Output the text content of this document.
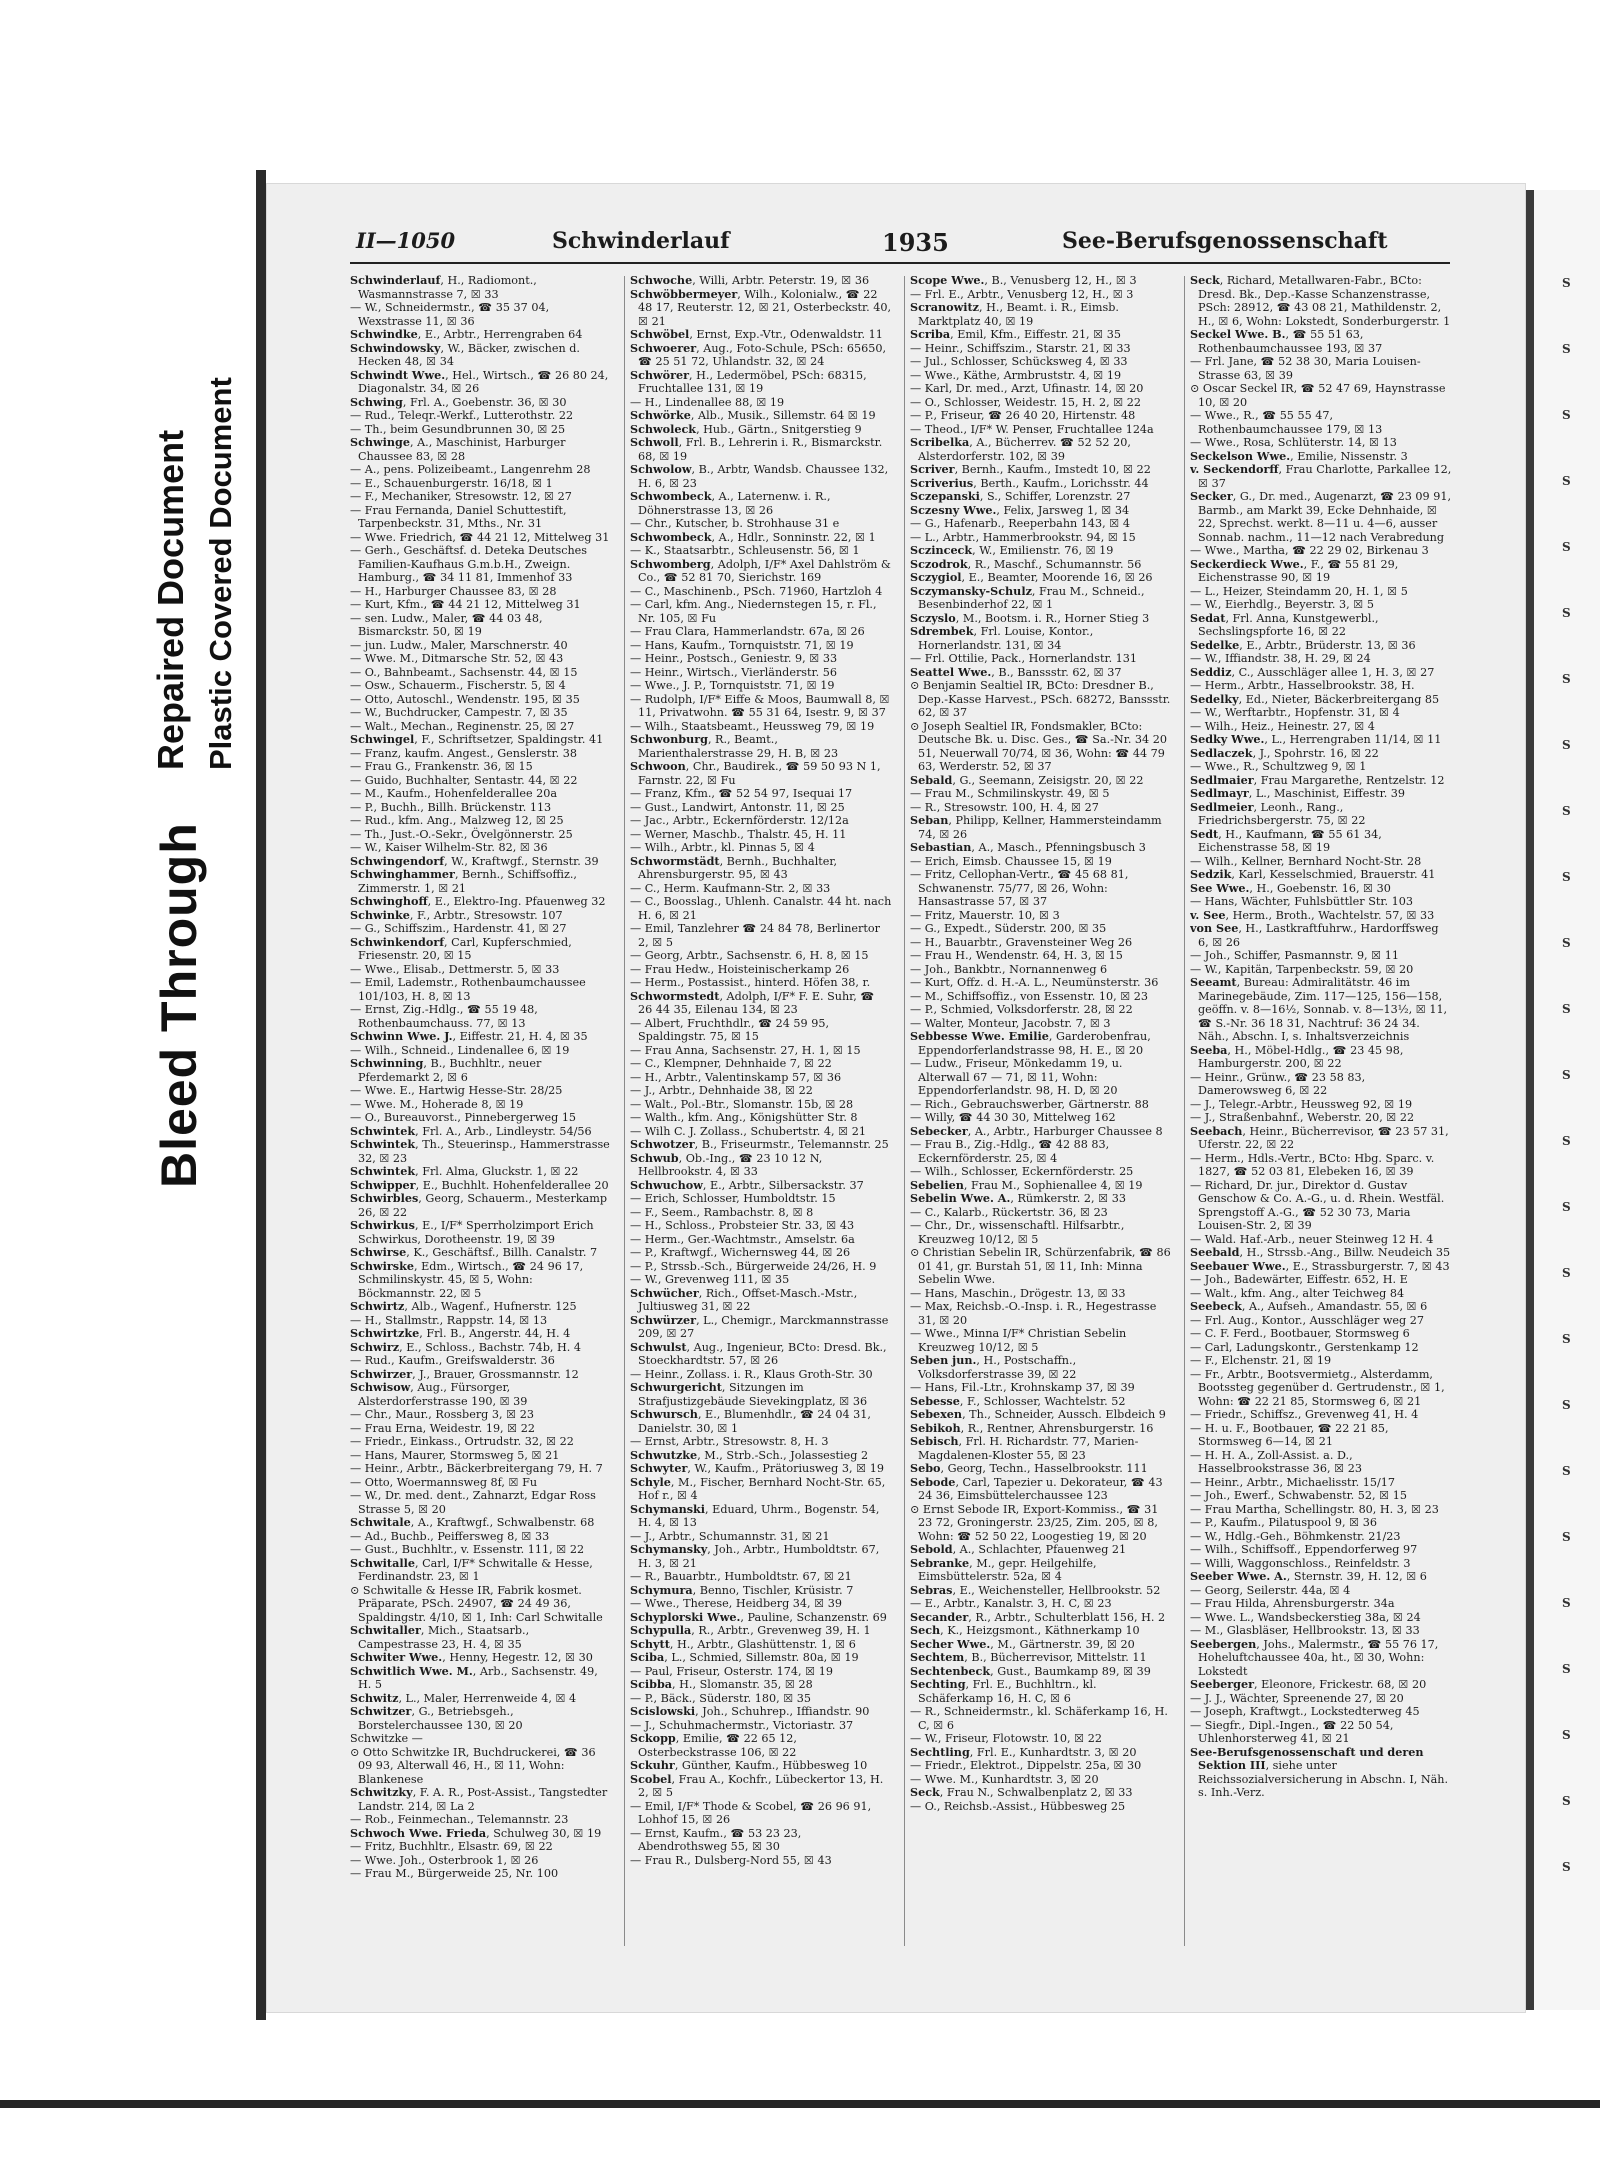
Bleed Through
Repaired Document Plastic Covered Document
S
S
S
S
S
S
S
S
S
S
S
S
S
S
S
S
S
S
S
S
S
S
S
S
S
II—1050	Schwinderlauf	1935	See-Berufsgenossenschaft
Schwinderlauf, H., Radiomont., Wasmannstrasse 7, ☒ 33
— W., Schneidermstr., ☎ 35 37 04, Wexstrasse 11, ☒ 36
Schwindke, E., Arbtr., Herrengraben 64
Schwindowsky, W., Bäcker, zwischen d. Hecken 48, ☒ 34
Schwindt Wwe., Hel., Wirtsch., ☎ 26 80 24, Diagonalstr. 34, ☒ 26
Schwing, Frl. A., Goebenstr. 36, ☒ 30
— Rud., Teleqr.-Werkf., Lutterothstr. 22
— Th., beim Gesundbrunnen 30, ☒ 25
Schwinge, A., Maschinist, Harburger Chaussee 83, ☒ 28
— A., pens. Polizeibeamt., Langenrehm 28
— E., Schauenburgerstr. 16/18, ☒ 1
— F., Mechaniker, Stresowstr. 12, ☒ 27
— Frau Fernanda, Daniel Schuttestift, Tarpenbeckstr. 31, Mths., Nr. 31
— Wwe. Friedrich, ☎ 44 21 12, Mittelweg 31
— Gerh., Geschäftsf. d. Deteka Deutsches Familien-Kaufhaus G.m.b.H., Zweign. Hamburg., ☎ 34 11 81, Immenhof 33
— H., Harburger Chaussee 83, ☒ 28
— Kurt, Kfm., ☎ 44 21 12, Mittelweg 31
— sen. Ludw., Maler, ☎ 44 03 48, Bismarckstr. 50, ☒ 19
— jun. Ludw., Maler, Marschnerstr. 40
— Wwe. M., Ditmarsche Str. 52, ☒ 43
— O., Bahnbeamt., Sachsenstr. 44, ☒ 15
— Osw., Schauerm., Fischerstr. 5, ☒ 4
— Otto, Autoschl., Wendenstr. 195, ☒ 35
— W., Buchdrucker, Campestr. 7, ☒ 35
— Walt., Mechan., Reginenstr. 25, ☒ 27
Schwingel, F., Schriftsetzer, Spaldingstr. 41
— Franz, kaufm. Angest., Genslerstr. 38
— Frau G., Frankenstr. 36, ☒ 15
— Guido, Buchhalter, Sentastr. 44, ☒ 22
— M., Kaufm., Hohenfelderallee 20a
— P., Buchh., Billh. Brückenstr. 113
— Rud., kfm. Ang., Malzweg 12, ☒ 25
— Th., Just.-O.-Sekr., Övelgönnerstr. 25
— W., Kaiser Wilhelm-Str. 82, ☒ 36
Schwingendorf, W., Kraftwgf., Sternstr. 39
Schwinghammer, Bernh., Schiffsoffiz., Zimmerstr. 1, ☒ 21
Schwinghoff, E., Elektro-Ing. Pfauenweg 32
Schwinke, F., Arbtr., Stresowstr. 107
— G., Schiffszim., Hardenstr. 41, ☒ 27
Schwinkendorf, Carl, Kupferschmied, Friesenstr. 20, ☒ 15
— Wwe., Elisab., Dettmerstr. 5, ☒ 33
— Emil, Lademstr., Rothenbaumchaussee 101/103, H. 8, ☒ 13
— Ernst, Zig.-Hdlg., ☎ 55 19 48, Rothenbaumchauss. 77, ☒ 13
Schwinn Wwe. J., Eiffestr. 21, H. 4, ☒ 35
— Wilh., Schneid., Lindenallee 6, ☒ 19
Schwinning, B., Buchhltr., neuer Pferdemarkt 2, ☒ 6
— Wwe. E., Hartwig Hesse-Str. 28/25
— Wwe. M., Hoherade 8, ☒ 19
— O., Bureauvorst., Pinnebergerweg 15
Schwintek, Frl. A., Arb., Lindleystr. 54/56
Schwintek, Th., Steuerinsp., Hammerstrasse 32, ☒ 23
Schwintek, Frl. Alma, Gluckstr. 1, ☒ 22
Schwipper, E., Buchhlt. Hohenfelderallee 20
Schwirbles, Georg, Schauerm., Mesterkamp 26, ☒ 22
Schwirkus, E., I/F* Sperrholzimport Erich Schwirkus, Dorotheenstr. 19, ☒ 39
Schwirse, K., Geschäftsf., Billh. Canalstr. 7
Schwirske, Edm., Wirtsch., ☎ 24 96 17, Schmilinskystr. 45, ☒ 5, Wohn: Böckmannstr. 22, ☒ 5
Schwirtz, Alb., Wagenf., Hufnerstr. 125
— H., Stallmstr., Rappstr. 14, ☒ 13
Schwirtzke, Frl. B., Angerstr. 44, H. 4
Schwirz, E., Schloss., Bachstr. 74b, H. 4
— Rud., Kaufm., Greifswalderstr. 36
Schwirzer, J., Brauer, Grossmannstr. 12
Schwisow, Aug., Fürsorger, Alsterdorferstrasse 190, ☒ 39
— Chr., Maur., Rossberg 3, ☒ 23
— Frau Erna, Weidestr. 19, ☒ 22
— Friedr., Einkass., Ortrudstr. 32, ☒ 22
— Hans, Maurer, Stormsweg 5, ☒ 21
— Heinr., Arbtr., Bäckerbreitergang 79, H. 7
— Otto, Woermannsweg 8f, ☒ Fu
— W., Dr. med. dent., Zahnarzt, Edgar Ross Strasse 5, ☒ 20
Schwitale, A., Kraftwgf., Schwalbenstr. 68
— Ad., Buchb., Peiffersweg 8, ☒ 33
— Gust., Buchhltr., v. Essenstr. 111, ☒ 22
Schwitalle, Carl, I/F* Schwitalle & Hesse, Ferdinandstr. 23, ☒ 1
⊙ Schwitalle & Hesse IR, Fabrik kosmet. Präparate, PSch. 24907, ☎ 24 49 36, Spaldingstr. 4/10, ☒ 1, Inh: Carl Schwitalle
Schwitaller, Mich., Staatsarb., Campestrasse 23, H. 4, ☒ 35
Schwiter Wwe., Henny, Hegestr. 12, ☒ 30
Schwitlich Wwe. M., Arb., Sachsenstr. 49, H. 5
Schwitz, L., Maler, Herrenweide 4, ☒ 4
Schwitzer, G., Betriebsgeh., Borstelerchaussee 130, ☒ 20
Schwitzke —
⊙ Otto Schwitzke IR, Buchdruckerei, ☎ 36 09 93, Alterwall 46, H., ☒ 11, Wohn: Blankenese
Schwitzky, F. A. R., Post-Assist., Tangstedter Landstr. 214, ☒ La 2
— Rob., Feinmechan., Telemannstr. 23
Schwoch Wwe. Frieda, Schulweg 30, ☒ 19
— Fritz, Buchhltr., Elsastr. 69, ☒ 22
— Wwe. Joh., Osterbrook 1, ☒ 26
— Frau M., Bürgerweide 25, Nr. 100
Schwoche, Willi, Arbtr. Peterstr. 19, ☒ 36
Schwöbbermeyer, Wilh., Kolonialw., ☎ 22 48 17, Reuterstr. 12, ☒ 21, Osterbeckstr. 40, ☒ 21
Schwöbel, Ernst, Exp.-Vtr., Odenwaldstr. 11
Schwoerer, Aug., Foto-Schule, PSch: 65650, ☎ 25 51 72, Uhlandstr. 32, ☒ 24
Schwörer, H., Ledermöbel, PSch: 68315, Fruchtallee 131, ☒ 19
— H., Lindenallee 88, ☒ 19
Schwörke, Alb., Musik., Sillemstr. 64 ☒ 19
Schwoleck, Hub., Gärtn., Snitgerstieg 9
Schwoll, Frl. B., Lehrerin i. R., Bismarckstr. 68, ☒ 19
Schwolow, B., Arbtr, Wandsb. Chaussee 132, H. 6, ☒ 23
Schwombeck, A., Laternenw. i. R., Döhnerstrasse 13, ☒ 26
— Chr., Kutscher, b. Strohhause 31 e
Schwombeck, A., Hdlr., Sonninstr. 22, ☒ 1
— K., Staatsarbtr., Schleusenstr. 56, ☒ 1
Schwomberg, Adolph, I/F* Axel Dahlström & Co., ☎ 52 81 70, Sierichstr. 169
— C., Maschinenb., PSch. 71960, Hartzloh 4
— Carl, kfm. Ang., Niedernstegen 15, r. Fl., Nr. 105, ☒ Fu
— Frau Clara, Hammerlandstr. 67a, ☒ 26
— Hans, Kaufm., Tornquiststr. 71, ☒ 19
— Heinr., Postsch., Geniestr. 9, ☒ 33
— Heinr., Wirtsch., Vierländerstr. 56
— Wwe., J. P., Tornquiststr. 71, ☒ 19
— Rudolph, I/F* Eiffe & Moos, Baumwall 8, ☒ 11, Privatwohn. ☎ 55 31 64, Isestr. 9, ☒ 37
— Wilh., Staatsbeamt., Heussweg 79, ☒ 19
Schwonburg, R., Beamt., Marienthalerstrasse 29, H. B, ☒ 23
Schwoon, Chr., Baudirek., ☎ 59 50 93 N 1, Farnstr. 22, ☒ Fu
— Franz, Kfm., ☎ 52 54 97, Isequai 17
— Gust., Landwirt, Antonstr. 11, ☒ 25
— Jac., Arbtr., Eckernförderstr. 12/12a
— Werner, Maschb., Thalstr. 45, H. 11
— Wilh., Arbtr., kl. Pinnas 5, ☒ 4
Schwormstädt, Bernh., Buchhalter, Ahrensburgerstr. 95, ☒ 43
— C., Herm. Kaufmann-Str. 2, ☒ 33
— C., Boosslag., Uhlenh. Canalstr. 44 ht. nach H. 6, ☒ 21
— Emil, Tanzlehrer ☎ 24 84 78, Berlinertor 2, ☒ 5
— Georg, Arbtr., Sachsenstr. 6, H. 8, ☒ 15
— Frau Hedw., Hoisteinischerkamp 26
— Herm., Postassist., hinterd. Höfen 38, r.
Schwormstedt, Adolph, I/F* F. E. Suhr, ☎ 26 44 35, Eilenau 134, ☒ 23
— Albert, Fruchthdlr., ☎ 24 59 95, Spaldingstr. 75, ☒ 15
— Frau Anna, Sachsenstr. 27, H. 1, ☒ 15
— C., Klempner, Dehnhaide 7, ☒ 22
— H., Arbtr., Valentinskamp 57, ☒ 36
— J., Arbtr., Dehnhaide 38, ☒ 22
— Walt., Pol.-Btr., Slomanstr. 15b, ☒ 28
— Walth., kfm. Ang., Königshütter Str. 8
— Wilh C. J. Zollass., Schubertstr. 4, ☒ 21
Schwotzer, B., Friseurmstr., Telemannstr. 25
Schwub, Ob.-Ing., ☎ 23 10 12 N, Hellbrookstr. 4, ☒ 33
Schwuchow, E., Arbtr., Silbersackstr. 37
— Erich, Schlosser, Humboldtstr. 15
— F., Seem., Rambachstr. 8, ☒ 8
— H., Schloss., Probsteier Str. 33, ☒ 43
— Herm., Ger.-Wachtmstr., Amselstr. 6a
— P., Kraftwgf., Wichernsweg 44, ☒ 26
— P., Strssb.-Sch., Bürgerweide 24/26, H. 9
— W., Grevenweg 111, ☒ 35
Schwücher, Rich., Offset-Masch.-Mstr., Jultiusweg 31, ☒ 22
Schwürzer, L., Chemigr., Marckmannstrasse 209, ☒ 27
Schwulst, Aug., Ingenieur, BCto: Dresd. Bk., Stoeckhardtstr. 57, ☒ 26
— Heinr., Zollass. i. R., Klaus Groth-Str. 30
Schwurgericht, Sitzungen im Strafjustizgebäude Sievekingplatz, ☒ 36
Schwursch, E., Blumenhdlr., ☎ 24 04 31, Danielstr. 30, ☒ 1
— Ernst, Arbtr., Stresowstr. 8, H. 3
Schwutzke, M., Strb.-Sch., Jolassestieg 2
Schwyter, W., Kaufm., Prätoriusweg 3, ☒ 19
Schyle, M., Fischer, Bernhard Nocht-Str. 65, Hof r., ☒ 4
Schymanski, Eduard, Uhrm., Bogenstr. 54, H. 4, ☒ 13
— J., Arbtr., Schumannstr. 31, ☒ 21
Schymansky, Joh., Arbtr., Humboldtstr. 67, H. 3, ☒ 21
— R., Bauarbtr., Humboldtstr. 67, ☒ 21
Schymura, Benno, Tischler, Krüsistr. 7
— Wwe., Therese, Heidberg 34, ☒ 39
Schyplorski Wwe., Pauline, Schanzenstr. 69
Schypulla, R., Arbtr., Grevenweg 39, H. 1
Schytt, H., Arbtr., Glashüttenstr. 1, ☒ 6
Sciba, L., Schmied, Sillemstr. 80a, ☒ 19
— Paul, Friseur, Osterstr. 174, ☒ 19
Scibba, H., Slomanstr. 35, ☒ 28
— P., Bäck., Süderstr. 180, ☒ 35
Scislowski, Joh., Schuhrep., Iffiandstr. 90
— J., Schuhmachermstr., Victoriastr. 37
Sckopp, Emilie, ☎ 22 65 12, Osterbeckstrasse 106, ☒ 22
Sckuhr, Günther, Kaufm., Hübbesweg 10
Scobel, Frau A., Kochfr., Lübeckertor 13, H. 2, ☒ 5
— Emil, I/F* Thode & Scobel, ☎ 26 96 91, Lohhof 15, ☒ 26
— Ernst, Kaufm., ☎ 53 23 23, Abendrothsweg 55, ☒ 30
— Frau R., Dulsberg-Nord 55, ☒ 43
Scope Wwe., B., Venusberg 12, H., ☒ 3
— Frl. E., Arbtr., Venusberg 12, H., ☒ 3
Scranowitz, H., Beamt. i. R., Eimsb. Marktplatz 40, ☒ 19
Scriba, Emil, Kfm., Eiffestr. 21, ☒ 35
— Heinr., Schiffszim., Starstr. 21, ☒ 33
— Jul., Schlosser, Schücksweg 4, ☒ 33
— Wwe., Käthe, Armbruststr. 4, ☒ 19
— Karl, Dr. med., Arzt, Ufinastr. 14, ☒ 20
— O., Schlosser, Weidestr. 15, H. 2, ☒ 22
— P., Friseur, ☎ 26 40 20, Hirtenstr. 48
— Theod., I/F* W. Penser, Fruchtallee 124a
Scribelka, A., Bücherrev. ☎ 52 52 20, Alsterdorferstr. 102, ☒ 39
Scriver, Bernh., Kaufm., Imstedt 10, ☒ 22
Scriverius, Berth., Kaufm., Lorichsstr. 44
Sczepanski, S., Schiffer, Lorenzstr. 27
Sczesny Wwe., Felix, Jarsweg 1, ☒ 34
— G., Hafenarb., Reeperbahn 143, ☒ 4
— L., Arbtr., Hammerbrookstr. 94, ☒ 15
Sczinceck, W., Emilienstr. 76, ☒ 19
Sczodrok, R., Maschf., Schumannstr. 56
Sczygiol, E., Beamter, Moorende 16, ☒ 26
Sczymansky-Schulz, Frau M., Schneid., Besenbinderhof 22, ☒ 1
Sczyslo, M., Bootsm. i. R., Horner Stieg 3
Sdrembek, Frl. Louise, Kontor., Hornerlandstr. 131, ☒ 34
— Frl. Ottilie, Pack., Hornerlandstr. 131
Seattel Wwe., B., Banssstr. 62, ☒ 37
⊙ Benjamin Sealtiel IR, BCto: Dresdner B., Dep.-Kasse Harvest., PSch. 68272, Banssstr. 62, ☒ 37
⊙ Joseph Sealtiel IR, Fondsmakler, BCto: Deutsche Bk. u. Disc. Ges., ☎ Sa.-Nr. 34 20 51, Neuerwall 70/74, ☒ 36, Wohn: ☎ 44 79 63, Werderstr. 52, ☒ 37
Sebald, G., Seemann, Zeisigstr. 20, ☒ 22
— Frau M., Schmilinskystr. 49, ☒ 5
— R., Stresowstr. 100, H. 4, ☒ 27
Seban, Philipp, Kellner, Hammersteindamm 74, ☒ 26
Sebastian, A., Masch., Pfenningsbusch 3
— Erich, Eimsb. Chaussee 15, ☒ 19
— Fritz, Cellophan-Vertr., ☎ 45 68 81, Schwanenstr. 75/77, ☒ 26, Wohn: Hansastrasse 57, ☒ 37
— Fritz, Mauerstr. 10, ☒ 3
— G., Expedt., Süderstr. 200, ☒ 35
— H., Bauarbtr., Gravensteiner Weg 26
— Frau H., Wendenstr. 64, H. 3, ☒ 15
— Joh., Bankbtr., Nornannenweg 6
— Kurt, Offz. d. H.-A. L., Neumünsterstr. 36
— M., Schiffsoffiz., von Essenstr. 10, ☒ 23
— P., Schmied, Volksdorferstr. 28, ☒ 22
— Walter, Monteur, Jacobstr. 7, ☒ 3
Sebbesse Wwe. Emilie, Garderobenfrau, Eppendorferlandstrasse 98, H. E., ☒ 20
— Ludw., Friseur, Mönkedamm 19, u. Alterwall 67 — 71, ☒ 11, Wohn: Eppendorferlandstr. 98, H. D, ☒ 20
— Rich., Gebrauchswerber, Gärtnerstr. 88
— Willy, ☎ 44 30 30, Mittelweg 162
Sebecker, A., Arbtr., Harburger Chaussee 8
— Frau B., Zig.-Hdlg., ☎ 42 88 83, Eckernförderstr. 25, ☒ 4
— Wilh., Schlosser, Eckernförderstr. 25
Sebelien, Frau M., Sophienallee 4, ☒ 19
Sebelin Wwe. A., Rümkerstr. 2, ☒ 33
— C., Kalarb., Rückertstr. 36, ☒ 23
— Chr., Dr., wissenschaftl. Hilfsarbtr., Kreuzweg 10/12, ☒ 5
⊙ Christian Sebelin IR, Schürzenfabrik, ☎ 86 01 41, gr. Burstah 51, ☒ 11, Inh: Minna Sebelin Wwe.
— Hans, Maschin., Drögestr. 13, ☒ 33
— Max, Reichsb.-O.-Insp. i. R., Hegestrasse 31, ☒ 20
— Wwe., Minna I/F* Christian Sebelin Kreuzweg 10/12, ☒ 5
Seben jun., H., Postschaffn., Volksdorferstrasse 39, ☒ 22
— Hans, Fil.-Ltr., Krohnskamp 37, ☒ 39
Sebesse, F., Schlosser, Wachtelstr. 52
Sebexen, Th., Schneider, Aussch. Elbdeich 9
Sebikoh, R., Rentner, Ahrensburgerstr. 16
Sebisch, Frl. H. Richardstr. 77, Marien-Magdalenen-Kloster 55, ☒ 23
Sebo, Georg, Techn., Hasselbrookstr. 111
Sebode, Carl, Tapezier u. Dekorateur, ☎ 43 24 36, Eimsbüttelerchaussee 123
⊙ Ernst Sebode IR, Export-Kommiss., ☎ 31 23 72, Groningerstr. 23/25, Zim. 205, ☒ 8, Wohn: ☎ 52 50 22, Loogestieg 19, ☒ 20
Sebold, A., Schlachter, Pfauenweg 21
Sebranke, M., gepr. Heilgehilfe, Eimsbüttelerstr. 52a, ☒ 4
Sebras, E., Weichensteller, Hellbrookstr. 52
— E., Arbtr., Kanalstr. 3, H. C, ☒ 23
Secander, R., Arbtr., Schulterblatt 156, H. 2
Sech, K., Heizgsmont., Käthnerkamp 10
Secher Wwe., M., Gärtnerstr. 39, ☒ 20
Sechtem, B., Bücherrevisor, Mittelstr. 11
Sechtenbeck, Gust., Baumkamp 89, ☒ 39
Sechting, Frl. E., Buchhltrn., kl. Schäferkamp 16, H. C, ☒ 6
— R., Schneidermstr., kl. Schäferkamp 16, H. C, ☒ 6
— W., Friseur, Flotowstr. 10, ☒ 22
Sechtling, Frl. E., Kunhardtstr. 3, ☒ 20
— Friedr., Elektrot., Dippelstr. 25a, ☒ 30
— Wwe. M., Kunhardtstr. 3, ☒ 20
Seck, Frau N., Schwalbenplatz 2, ☒ 33
— O., Reichsb.-Assist., Hübbesweg 25
Seck, Richard, Metallwaren-Fabr., BCto: Dresd. Bk., Dep.-Kasse Schanzenstrasse, PSch: 28912, ☎ 43 08 21, Mathildenstr. 2, H., ☒ 6, Wohn: Lokstedt, Sonderburgerstr. 1
Seckel Wwe. B., ☎ 55 51 63, Rothenbaumchaussee 193, ☒ 37
— Frl. Jane, ☎ 52 38 30, Maria Louisen-Strasse 63, ☒ 39
⊙ Oscar Seckel IR, ☎ 52 47 69, Haynstrasse 10, ☒ 20
— Wwe., R., ☎ 55 55 47, Rothenbaumchaussee 179, ☒ 13
— Wwe., Rosa, Schlüterstr. 14, ☒ 13
Seckelson Wwe., Emilie, Nissenstr. 3
v. Seckendorff, Frau Charlotte, Parkallee 12, ☒ 37
Secker, G., Dr. med., Augenarzt, ☎ 23 09 91, Barmb., am Markt 39, Ecke Dehnhaide, ☒ 22, Sprechst. werkt. 8—11 u. 4—6, ausser Sonnab. nachm., 11—12 nach Verabredung
— Wwe., Martha, ☎ 22 29 02, Birkenau 3
Seckerdieck Wwe., F., ☎ 55 81 29, Eichenstrasse 90, ☒ 19
— L., Heizer, Steindamm 20, H. 1, ☒ 5
— W., Eierhdlg., Beyerstr. 3, ☒ 5
Sedat, Frl. Anna, Kunstgewerbl., Sechslingspforte 16, ☒ 22
Sedelke, E., Arbtr., Brüderstr. 13, ☒ 36
— W., Iffiandstr. 38, H. 29, ☒ 24
Seddiz, C., Ausschläger allee 1, H. 3, ☒ 27
— Herm., Arbtr., Hasselbrookstr. 38, H.
Sedelky, Ed., Nieter, Bäckerbreitergang 85
— W., Werftarbtr., Hopfenstr. 31, ☒ 4
— Wilh., Heiz., Heinestr. 27, ☒ 4
Sedky Wwe., L., Herrengraben 11/14, ☒ 11
Sedlaczek, J., Spohrstr. 16, ☒ 22
— Wwe., R., Schultzweg 9, ☒ 1
Sedlmaier, Frau Margarethe, Rentzelstr. 12
Sedlmayr, L., Maschinist, Eiffestr. 39
Sedlmeier, Leonh., Rang., Friedrichsbergerstr. 75, ☒ 22
Sedt, H., Kaufmann, ☎ 55 61 34, Eichenstrasse 58, ☒ 19
— Wilh., Kellner, Bernhard Nocht-Str. 28
Sedzik, Karl, Kesselschmied, Brauerstr. 41
See Wwe., H., Goebenstr. 16, ☒ 30
— Hans, Wächter, Fuhlsbüttler Str. 103
v. See, Herm., Broth., Wachtelstr. 57, ☒ 33
von See, H., Lastkraftfuhrw., Hardorffsweg 6, ☒ 26
— Joh., Schiffer, Pasmannstr. 9, ☒ 11
— W., Kapitän, Tarpenbeckstr. 59, ☒ 20
Seeamt, Bureau: Admiralitätstr. 46 im Marinegebäude, Zim. 117—125, 156—158, geöffn. v. 8—16½, Sonnab. v. 8—13½, ☒ 11, ☎ S.-Nr. 36 18 31, Nachtruf: 36 24 34. Näh., Abschn. I, s. Inhaltsverzeichnis
Seeba, H., Möbel-Hdlg., ☎ 23 45 98, Hamburgerstr. 200, ☒ 22
— Heinr., Grünw., ☎ 23 58 83, Damerowsweg 6, ☒ 22
— J., Telegr.-Arbtr., Heussweg 92, ☒ 19
— J., Straßenbahnf., Weberstr. 20, ☒ 22
Seebach, Heinr., Bücherrevisor, ☎ 23 57 31, Uferstr. 22, ☒ 22
— Herm., Hdls.-Vertr., BCto: Hbg. Sparc. v. 1827, ☎ 52 03 81, Elebeken 16, ☒ 39
— Richard, Dr. jur., Direktor d. Gustav Genschow & Co. A.-G., u. d. Rhein. Westfäl. Sprengstoff A.-G., ☎ 52 30 73, Maria Louisen-Str. 2, ☒ 39
— Wald. Haf.-Arb., neuer Steinweg 12 H. 4
Seebald, H., Strssb.-Ang., Billw. Neudeich 35
Seebauer Wwe., E., Strassburgerstr. 7, ☒ 43
— Joh., Badewärter, Eiffestr. 652, H. E
— Walt., kfm. Ang., alter Teichweg 84
Seebeck, A., Aufseh., Amandastr. 55, ☒ 6
— Frl. Aug., Kontor., Ausschläger weg 27
— C. F. Ferd., Bootbauer, Stormsweg 6
— Carl, Ladungskontr., Gerstenkamp 12
— F., Elchenstr. 21, ☒ 19
— Fr., Arbtr., Bootsvermietg., Alsterdamm, Bootssteg gegenüber d. Gertrudenstr., ☒ 1, Wohn: ☎ 22 21 85, Stormsweg 6, ☒ 21
— Friedr., Schiffsz., Grevenweg 41, H. 4
— H. u. F., Bootbauer, ☎ 22 21 85, Stormsweg 6—14, ☒ 21
— H. H. A., Zoll-Assist. a. D., Hasselbrookstrasse 36, ☒ 23
— Heinr., Arbtr., Michaelisstr. 15/17
— Joh., Ewerf., Schwabenstr. 52, ☒ 15
— Frau Martha, Schellingstr. 80, H. 3, ☒ 23
— P., Kaufm., Pilatuspool 9, ☒ 36
— W., Hdlg.-Geh., Böhmkenstr. 21/23
— Wilh., Schiffsoff., Eppendorferweg 97
— Willi, Waggonschloss., Reinfeldstr. 3
Seeber Wwe. A., Sternstr. 39, H. 12, ☒ 6
— Georg, Seilerstr. 44a, ☒ 4
— Frau Hilda, Ahrensburgerstr. 34a
— Wwe. L., Wandsbeckerstieg 38a, ☒ 24
— M., Glasbläser, Hellbrookstr. 13, ☒ 33
Seebergen, Johs., Malermstr., ☎ 55 76 17, Hoheluftchaussee 40a, ht., ☒ 30, Wohn: Lokstedt
Seeberger, Eleonore, Frickestr. 68, ☒ 20
— J. J., Wächter, Spreenende 27, ☒ 20
— Joseph, Kraftwgt., Lockstedterweg 45
— Siegfr., Dipl.-Ingen., ☎ 22 50 54, Uhlenhorsterweg 41, ☒ 21
See-Berufsgenossenschaft und deren Sektion III, siehe unter Reichssozialversicherung in Abschn. I, Näh. s. Inh.-Verz.
